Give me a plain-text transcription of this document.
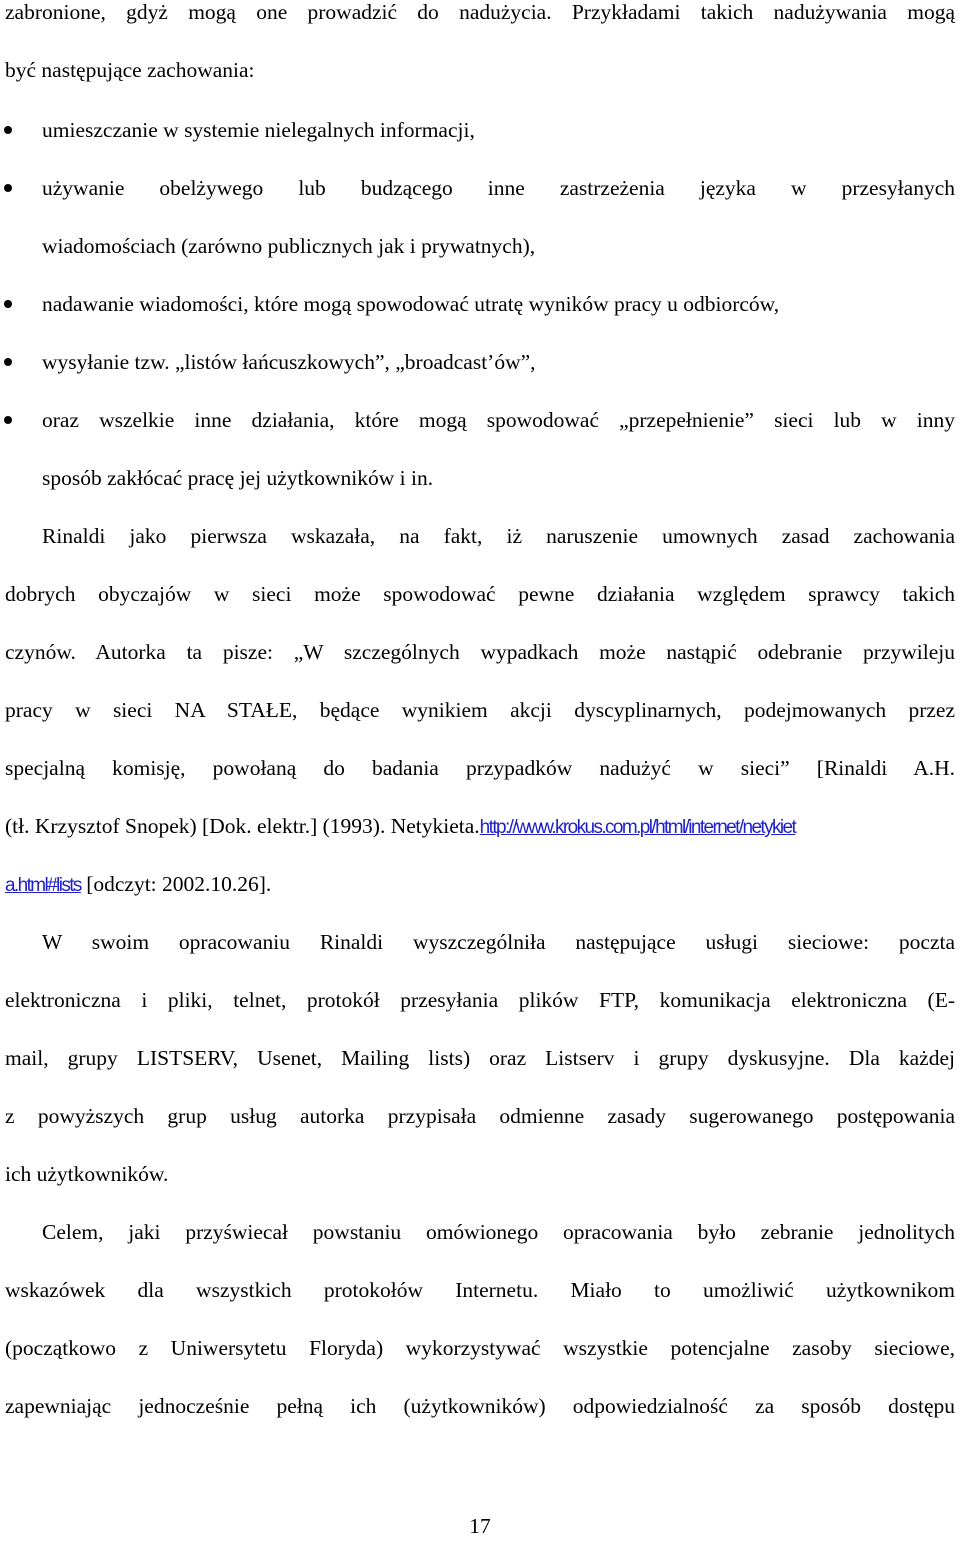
zabronione, gdyż mogą one prowadzić do nadużycia. Przykładami takich nadużywania mogą
być następujące zachowania:
umieszczanie w systemie nielegalnych informacji,
używanie obelżywego lub budzącego inne zastrzeżenia języka w przesyłanych
wiadomościach (zarówno publicznych jak i prywatnych),
nadawanie wiadomości, które mogą spowodować utratę wyników pracy u odbiorców,
wysyłanie tzw. „listów łańcuszkowych”, „broadcast’ów”,
oraz wszelkie inne działania, które mogą spowodować „przepełnienie” sieci lub w inny
sposób zakłócać pracę jej użytkowników i in.
Rinaldi jako pierwsza wskazała, na fakt, iż naruszenie umownych zasad zachowania
dobrych obyczajów w sieci może spowodować pewne działania względem sprawcy takich
czynów. Autorka ta pisze: „W szczególnych wypadkach może nastąpić odebranie przywileju
pracy w sieci NA STAŁE, będące wynikiem akcji dyscyplinarnych, podejmowanych przez
specjalną komisję, powołaną do badania przypadków nadużyć w sieci” [Rinaldi A.H.
(tł. Krzysztof Snopek) [Dok. elektr.] (1993). Netykieta.http://www.krokus.com.pl/html/internet/netykiet
a.html#lists [odczyt: 2002.10.26].
W swoim opracowaniu Rinaldi wyszczególniła następujące usługi sieciowe: poczta
elektroniczna i pliki, telnet, protokół przesyłania plików FTP, komunikacja elektroniczna (E-
mail, grupy LISTSERV, Usenet, Mailing lists) oraz Listserv i grupy dyskusyjne. Dla każdej
z powyższych grup usług autorka przypisała odmienne zasady sugerowanego postępowania
ich użytkowników.
Celem, jaki przyświecał powstaniu omówionego opracowania było zebranie jednolitych
wskazówek dla wszystkich protokołów Internetu. Miało to umożliwić użytkownikom
(początkowo z Uniwersytetu Floryda) wykorzystywać wszystkie potencjalne zasoby sieciowe,
zapewniając jednocześnie pełną ich (użytkowników) odpowiedzialność za sposób dostępu
17
